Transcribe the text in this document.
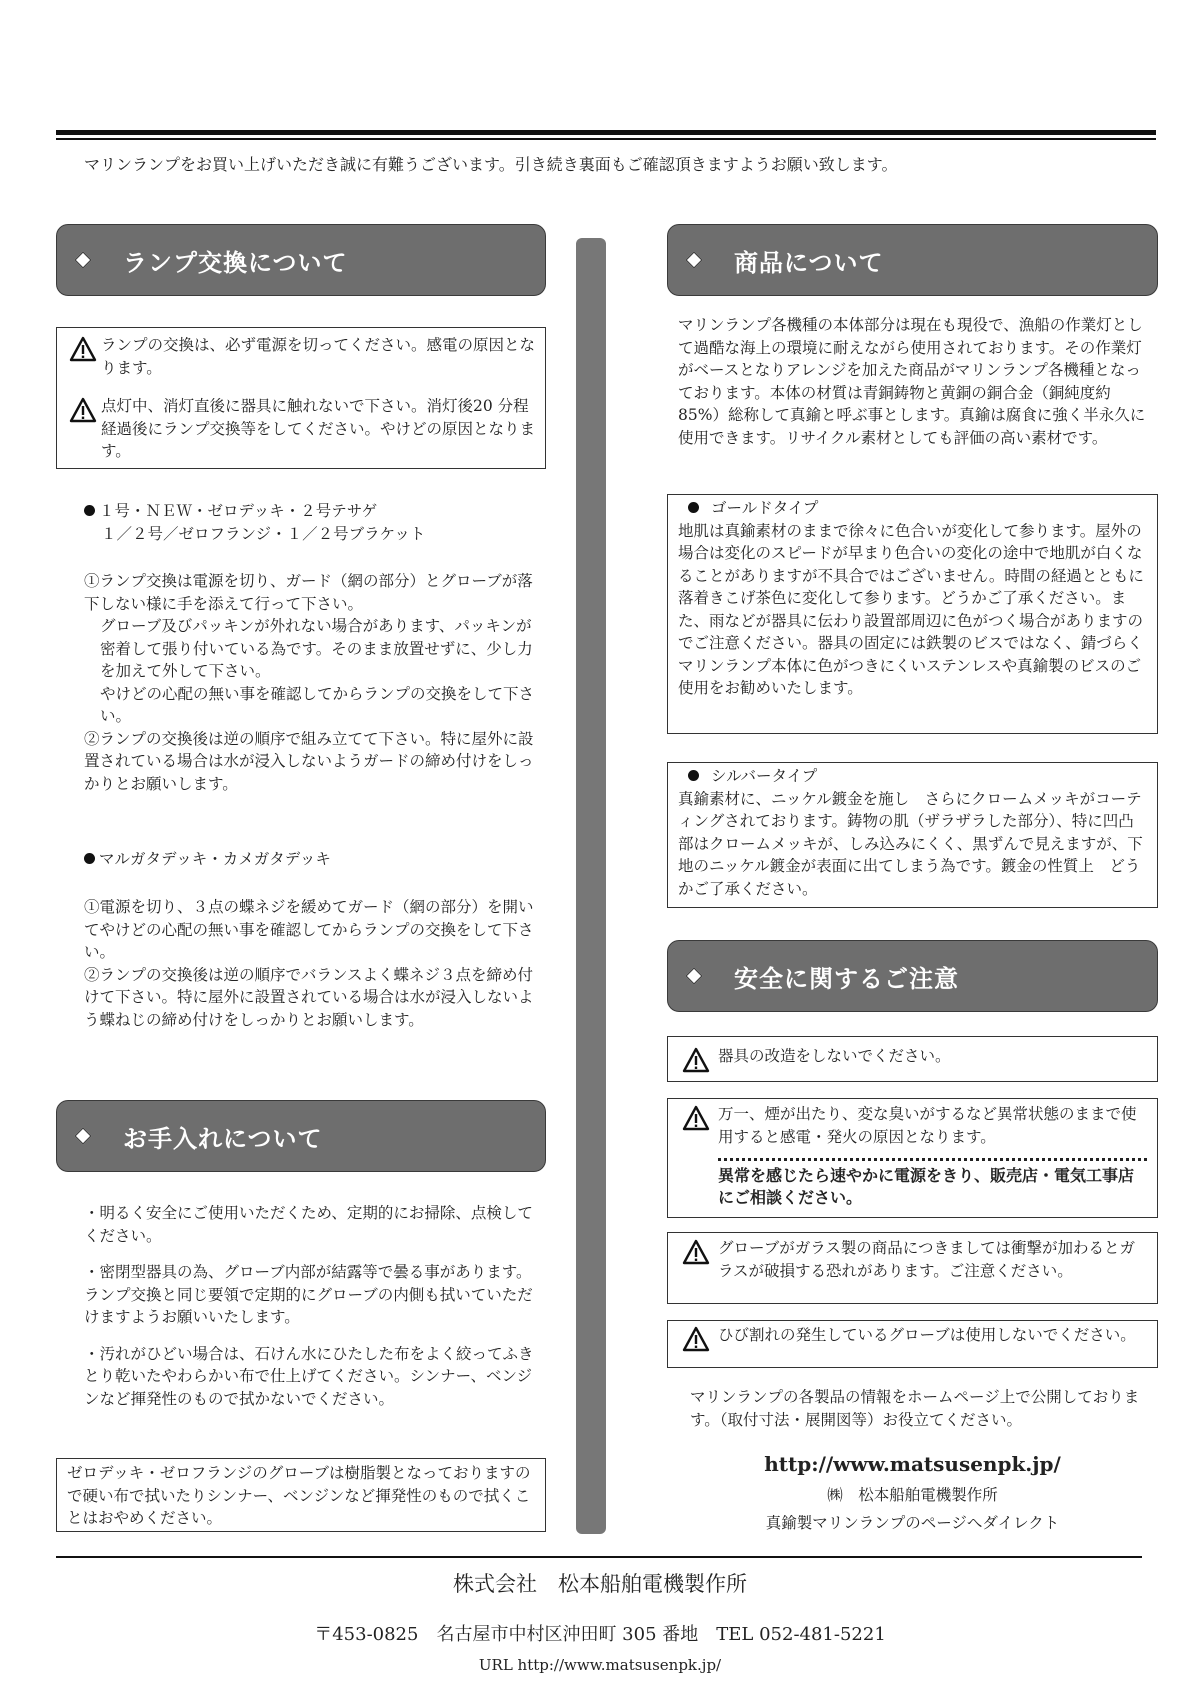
マリンランプをお買い上げいただき誠に有難うございます。引き続き裏面もご確認頂きますようお願い致します。
ランプ交換について
ランプの交換は、必ず電源を切ってください。感電の原因となります。
点灯中、消灯直後に器具に触れないで下さい。消灯後20 分程経過後にランプ交換等をしてください。やけどの原因となります。
１号・ＮＥＷ・ゼロデッキ・２号テサゲ
１／２号／ゼロフランジ・１／２号ブラケット

①ランプ交換は電源を切り、ガード（網の部分）とグローブが落下しない様に手を添えて行って下さい。

グローブ及びパッキンが外れない場合があります、パッキンが密着して張り付いている為です。そのまま放置せずに、少し力を加えて外して下さい。

やけどの心配の無い事を確認してからランプの交換をして下さい。

②ランプの交換後は逆の順序で組み立てて下さい。特に屋外に設置されている場合は水が浸入しないようガードの締め付けをしっかりとお願いします。

マルガタデッキ・カメガタデッキ

①電源を切り、３点の蝶ネジを緩めてガード（網の部分）を開いてやけどの心配の無い事を確認してからランプの交換をして下さい。

②ランプの交換後は逆の順序でバランスよく蝶ネジ３点を締め付けて下さい。特に屋外に設置されている場合は水が浸入しないよう蝶ねじの締め付けをしっかりとお願いします。

お手入れについて

・明るく安全にご使用いただくため、定期的にお掃除、点検してください。

・密閉型器具の為、グローブ内部が結露等で曇る事があります。ランプ交換と同じ要領で定期的にグローブの内側も拭いていただけますようお願いいたします。

・汚れがひどい場合は、石けん水にひたした布をよく絞ってふきとり乾いたやわらかい布で仕上げてください。シンナー、ベンジンなど揮発性のもので拭かないでください。

ゼロデッキ・ゼロフランジのグローブは樹脂製となっておりますので硬い布で拭いたりシンナー、ベンジンなど揮発性のもので拭くことはおやめください。
商品について
マリンランプ各機種の本体部分は現在も現役で、漁船の作業灯として過酷な海上の環境に耐えながら使用されております。その作業灯がベースとなりアレンジを加えた商品がマリンランプ各機種となっております。本体の材質は青銅鋳物と黄銅の銅合金（銅純度約85%）総称して真鍮と呼ぶ事とします。真鍮は腐食に強く半永久に使用できます。リサイクル素材としても評価の高い素材です。
ゴールドタイプ
地肌は真鍮素材のままで徐々に色合いが変化して参ります。屋外の場合は変化のスピードが早まり色合いの変化の途中で地肌が白くなることがありますが不具合ではございません。時間の経過とともに落着きこげ茶色に変化して参ります。どうかご了承ください。また、雨などが器具に伝わり設置部周辺に色がつく場合がありますのでご注意ください。器具の固定には鉄製のビスではなく、錆づらくマリンランプ本体に色がつきにくいステンレスや真鍮製のビスのご使用をお勧めいたします。
シルバータイプ
真鍮素材に、ニッケル鍍金を施し　さらにクロームメッキがコーティングされております。鋳物の肌（ザラザラした部分）、特に凹凸部はクロームメッキが、しみ込みにくく、黒ずんで見えますが、下地のニッケル鍍金が表面に出てしまう為です。鍍金の性質上　どうかご了承ください。
安全に関するご注意
器具の改造をしないでください。
万一、煙が出たり、変な臭いがするなど異常状態のままで使用すると感電・発火の原因となります。
異常を感じたら速やかに電源をきり、販売店・電気工事店にご相談ください。
グローブがガラス製の商品につきましては衝撃が加わるとガラスが破損する恐れがあります。ご注意ください。
ひび割れの発生しているグローブは使用しないでください。
マリンランプの各製品の情報をホームページ上で公開しております。（取付寸法・展開図等）お役立てください。
http://www.matsusenpk.jp/
㈱　松本船舶電機製作所
真鍮製マリンランプのページへダイレクト
株式会社　松本船舶電機製作所
〒453-0825　名古屋市中村区沖田町 305 番地　TEL 052-481-5221
URL http://www.matsusenpk.jp/
